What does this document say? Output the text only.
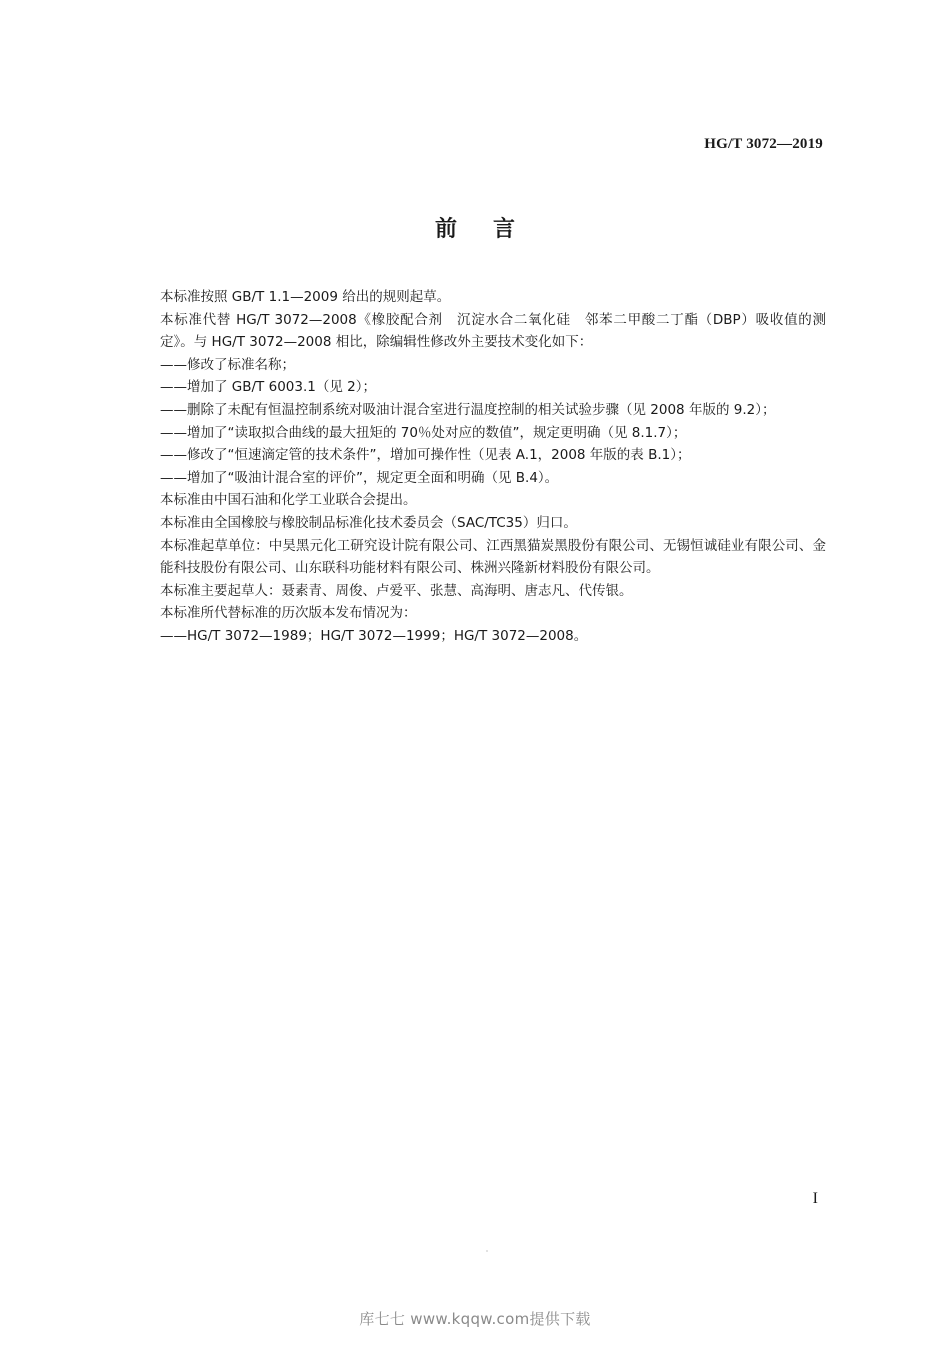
HG/T 3072—2019
前言

本标准按照 GB/T 1.1—2009 给出的规则起草。

本标准代替 HG/T 3072—2008《橡胶配合剂　沉淀水合二氧化硅　邻苯二甲酸二丁酯（DBP）吸收值的测定》。与 HG/T 3072—2008 相比，除编辑性修改外主要技术变化如下：

—— 修改了标准名称；
—— 增加了 GB/T 6003.1（见 2）；
—— 删除了未配有恒温控制系统对吸油计混合室进行温度控制的相关试验步骤（见 2008 年版的 9.2）；
—— 增加了“读取拟合曲线的最大扭矩的 70％处对应的数值”，规定更明确（见 8.1.7）；
—— 修改了“恒速滴定管的技术条件”，增加可操作性（见表 A.1，2008 年版的表 B.1）；
—— 增加了“吸油计混合室的评价”，规定更全面和明确（见 B.4）。

本标准由中国石油和化学工业联合会提出。

本标准由全国橡胶与橡胶制品标准化技术委员会（SAC/TC35）归口。

本标准起草单位：中昊黑元化工研究设计院有限公司、江西黑猫炭黑股份有限公司、无锡恒诚硅业有限公司、金能科技股份有限公司、山东联科功能材料有限公司、株洲兴隆新材料股份有限公司。

本标准主要起草人：聂素青、周俊、卢爱平、张慧、高海明、唐志凡、代传银。

本标准所代替标准的历次版本发布情况为：

—— HG/T 3072—1989；HG/T 3072—1999；HG/T 3072—2008。
I
库七七 www.kqqw.com提供下载
